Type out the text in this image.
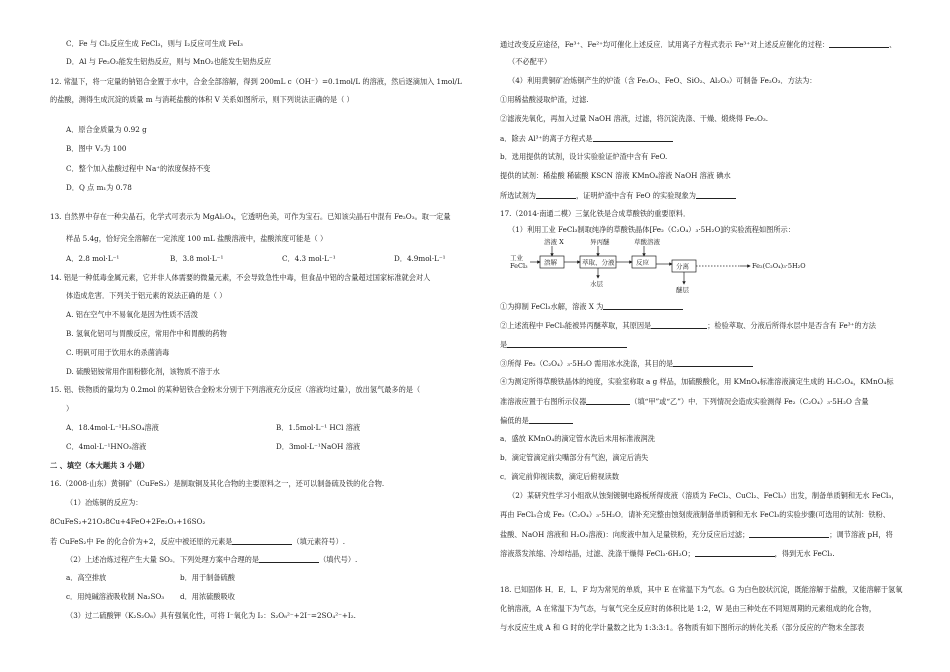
C．Fe 与 Cl₂反应生成 FeCl₃，则与 I₂反应可生成 FeI₃
D．Al 与 Fe₂O₃能发生铝热反应，则与 MnO₂也能发生铝热反应
12. 常温下，将一定量的钠铝合金置于水中，合金全部溶解，得到 200mL c（OH⁻）=0.1mol/L 的溶液，然后逐滴加入 1mol/L
的盐酸，测得生成沉淀的质量 m 与消耗盐酸的体积 V 关系如图所示，则下列说法正确的是（ ）
A．原合金质量为 0.92 g
B．图中 V₂为 100
C．整个加入盐酸过程中 Na⁺的浓度保持不变
D．Q 点 m₁为 0.78
13. 自然界中存在一种尖晶石，化学式可表示为 MgAl₂O₄，它透明色美，可作为宝石。已知该尖晶石中混有 Fe₂O₃。取一定量
样品 5.4g，恰好完全溶解在一定浓度 100 mL 盐酸溶液中，盐酸浓度可能是（ ）
A．2.8 mol·L⁻¹	B．3.8 mol·L⁻¹	C．4.3 mol·L⁻¹	D．4.9mol·L⁻¹
14. 铝是一种低毒金属元素，它并非人体需要的微量元素，不会导致急性中毒，但食品中铝的含量超过国家标准就会对人
体造成危害．下列关于铝元素的说法正确的是（ ）
A. 铝在空气中不易氧化是因为性质不活泼
B. 氢氧化铝可与胃酸反应，常用作中和胃酸的药物
C. 明矾可用于饮用水的杀菌消毒
D. 硫酸铝铵常用作面粉膨化剂，该物质不溶于水
15. 铝、铁物质的量均为 0.2mol 的某种铝铁合金粉末分别于下列溶液充分反应（溶液均过量），放出氢气最多的是（
）
A．18.4mol·L⁻¹H₂SO₄溶液	B．1.5mol·L⁻¹ HCl 溶液
C．4mol·L⁻¹HNO₃溶液	D．3mol·L⁻¹NaOH 溶液
二 、填空（本大题共 3 小题）
16.（2008·山东）黄铜矿（CuFeS₂）是制取铜及其化合物的主要原料之一，还可以制备硫及铁的化合物.
（1）冶炼铜的反应为：
8CuFeS₂+21O₂8Cu+4FeO+2Fe₂O₃+16SO₂
若 CuFeS₂中 Fe 的化合价为+2，反应中被还原的元素是	（填元素符号）.
（2）上述冶炼过程产生大量 SO₂．下列处理方案中合理的是	（填代号）.
a．高空排放	b．用于制备硫酸
c．用纯碱溶液吸收制 Na₂SO₃ d．用浓硫酸吸收
（3）过二硫酸钾（K₂S₂O₈）具有强氧化性，可将 I⁻氧化为 I₂：S₂O₈²⁻+2I⁻=2SO₄²⁻+I₂.
通过改变反应途径，Fe³⁺、Fe²⁺均可催化上述反应．试用离子方程式表示 Fe³⁺对上述反应催化的过程：	、
（不必配平）
（4）利用黄铜矿冶炼铜产生的炉渣（含 Fe₂O₃、FeO、SiO₂、Al₂O₃）可制备 Fe₂O₃．方法为：
①用稀盐酸浸取炉渣，过滤.
②滤液先氧化，再加入过量 NaOH 溶液，过滤，将沉淀洗涤、干燥、煅烧得 Fe₂O₃.
a．除去 Al³⁺的离子方程式是
b．选用提供的试剂，设计实验验证炉渣中含有 FeO.
提供的试剂：稀盐酸 稀硫酸 KSCN 溶液 KMnO₄溶液 NaOH 溶液 碘水
所选试剂为	，证明炉渣中含有 FeO 的实验现象为
17.（2014·南通二模）三氯化铁是合成草酸铁的重要原料．
（1）利用工业 FeCl₃制取纯净的草酸铁晶体[Fe₂（C₂O₄）₃·5H₂O]的实验流程如图所示：
工业
FeCl₃
溶液 X	异丙醚	草酸溶液
溶解	萃取、分液	反应	分离
水层
醚层
Fe₂(C₂O₄)₃·5H₂O
①为抑制 FeCl₃水解，溶液 X 为
②上述流程中 FeCl₃能被异丙醚萃取，其原因是	；检验萃取、分液后所得水层中是否含有 Fe³⁺的方法
是
③所得 Fe₂（C₂O₄）₃·5H₂O 需用冰水洗涤，其目的是
④为测定所得草酸铁晶体的纯度，实验室称取 a g 样品，加硫酸酸化，用 KMnO₄标准溶液滴定生成的 H₂C₂O₄，KMnO₄标
准溶液应置于右图所示仪器	（填“甲”或“乙”）中．下列情况会造成实验测得 Fe₂（C₂O₄）₃·5H₂O 含量
偏低的是
a．盛放 KMnO₄的滴定管水洗后未用标准液润洗
b．滴定管滴定前尖嘴部分有气泡，滴定后消失
c．滴定前仰视读数，滴定后俯视读数
（2）某研究性学习小组欲从蚀刻镀铜电路板所得废液（溶质为 FeCl₂、CuCl₂、FeCl₃）出发，制备单质铜和无水 FeCl₃，
再由 FeCl₃合成 Fe₂（C₂O₄）₃·5H₂O．请补充完整由蚀刻废液制备单质铜和无水 FeCl₃的实验步骤(可选用的试剂：铁粉、
盐酸、NaOH 溶液和 H₂O₂溶液)：向废液中加入足量铁粉，充分反应后过滤；	；调节溶液 pH，将
溶液蒸发浓缩、冷却结晶，过滤、洗涤干燥得 FeCl₃·6H₂O；	，得到无水 FeCl₃.
18. 已知固体 H．E．L．F 均为常见的单质，其中 E 在常温下为气态。G 为白色胶状沉淀，既能溶解于盐酸，又能溶解于氢氧
化钠溶液，A 在常温下为气态，与氧气完全反应时的体积比是 1:2，W 是由三种处在不同短周期的元素组成的化合物，
与水反应生成 A 和 G 时的化学计量数之比为 1:3:3:1。各物质有如下图所示的转化关系（部分反应的产物未全部表
